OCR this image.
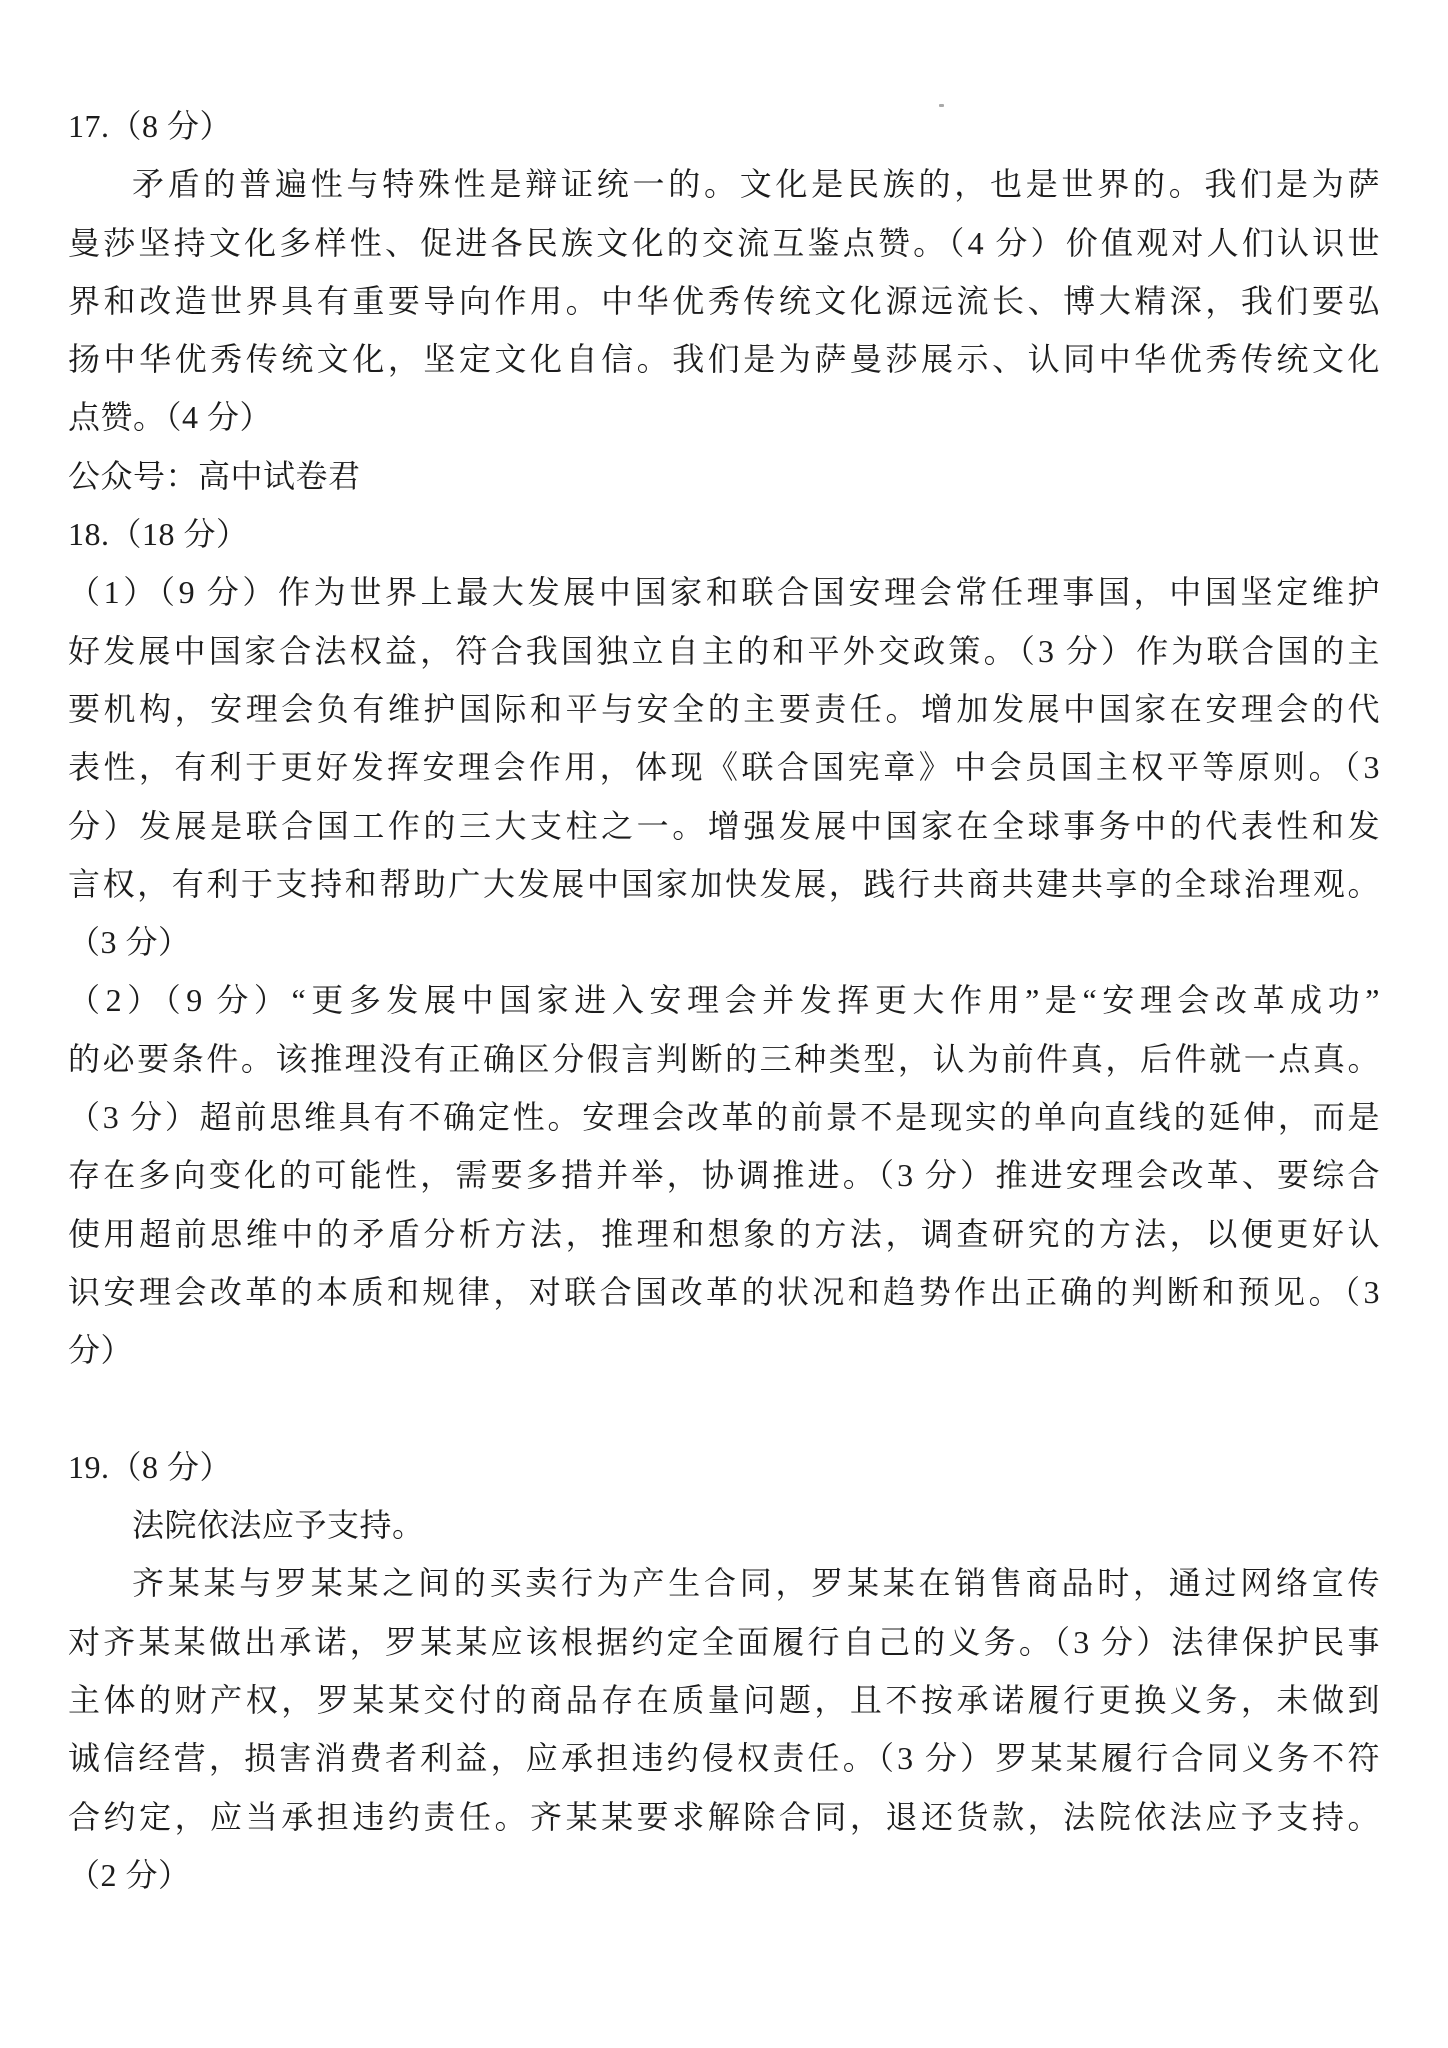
17.（8 分）
矛盾的普遍性与特殊性是辩证统一的。文化是民族的，也是世界的。我们是为萨
曼莎坚持文化多样性、促进各民族文化的交流互鉴点赞。（4 分）价值观对人们认识世
界和改造世界具有重要导向作用。中华优秀传统文化源远流长、博大精深，我们要弘
扬中华优秀传统文化，坚定文化自信。我们是为萨曼莎展示、认同中华优秀传统文化
点赞。（4 分）
公众号：高中试卷君
18.（18 分）
（1）（9 分）作为世界上最大发展中国家和联合国安理会常任理事国，中国坚定维护
好发展中国家合法权益，符合我国独立自主的和平外交政策。（3 分）作为联合国的主
要机构，安理会负有维护国际和平与安全的主要责任。增加发展中国家在安理会的代
表性，有利于更好发挥安理会作用，体现《联合国宪章》中会员国主权平等原则。（3
分）发展是联合国工作的三大支柱之一。增强发展中国家在全球事务中的代表性和发
言权，有利于支持和帮助广大发展中国家加快发展，践行共商共建共享的全球治理观。
（3 分）
（2）（9 分）“更多发展中国家进入安理会并发挥更大作用”是“安理会改革成功”
的必要条件。该推理没有正确区分假言判断的三种类型，认为前件真，后件就一点真。
（3 分）超前思维具有不确定性。安理会改革的前景不是现实的单向直线的延伸，而是
存在多向变化的可能性，需要多措并举，协调推进。（3 分）推进安理会改革、要综合
使用超前思维中的矛盾分析方法，推理和想象的方法，调查研究的方法，以便更好认
识安理会改革的本质和规律，对联合国改革的状况和趋势作出正确的判断和预见。（3
分）
19.（8 分）
法院依法应予支持。
齐某某与罗某某之间的买卖行为产生合同，罗某某在销售商品时，通过网络宣传
对齐某某做出承诺，罗某某应该根据约定全面履行自己的义务。（3 分）法律保护民事
主体的财产权，罗某某交付的商品存在质量问题，且不按承诺履行更换义务，未做到
诚信经营，损害消费者利益，应承担违约侵权责任。（3 分）罗某某履行合同义务不符
合约定，应当承担违约责任。齐某某要求解除合同，退还货款，法院依法应予支持。
（2 分）
